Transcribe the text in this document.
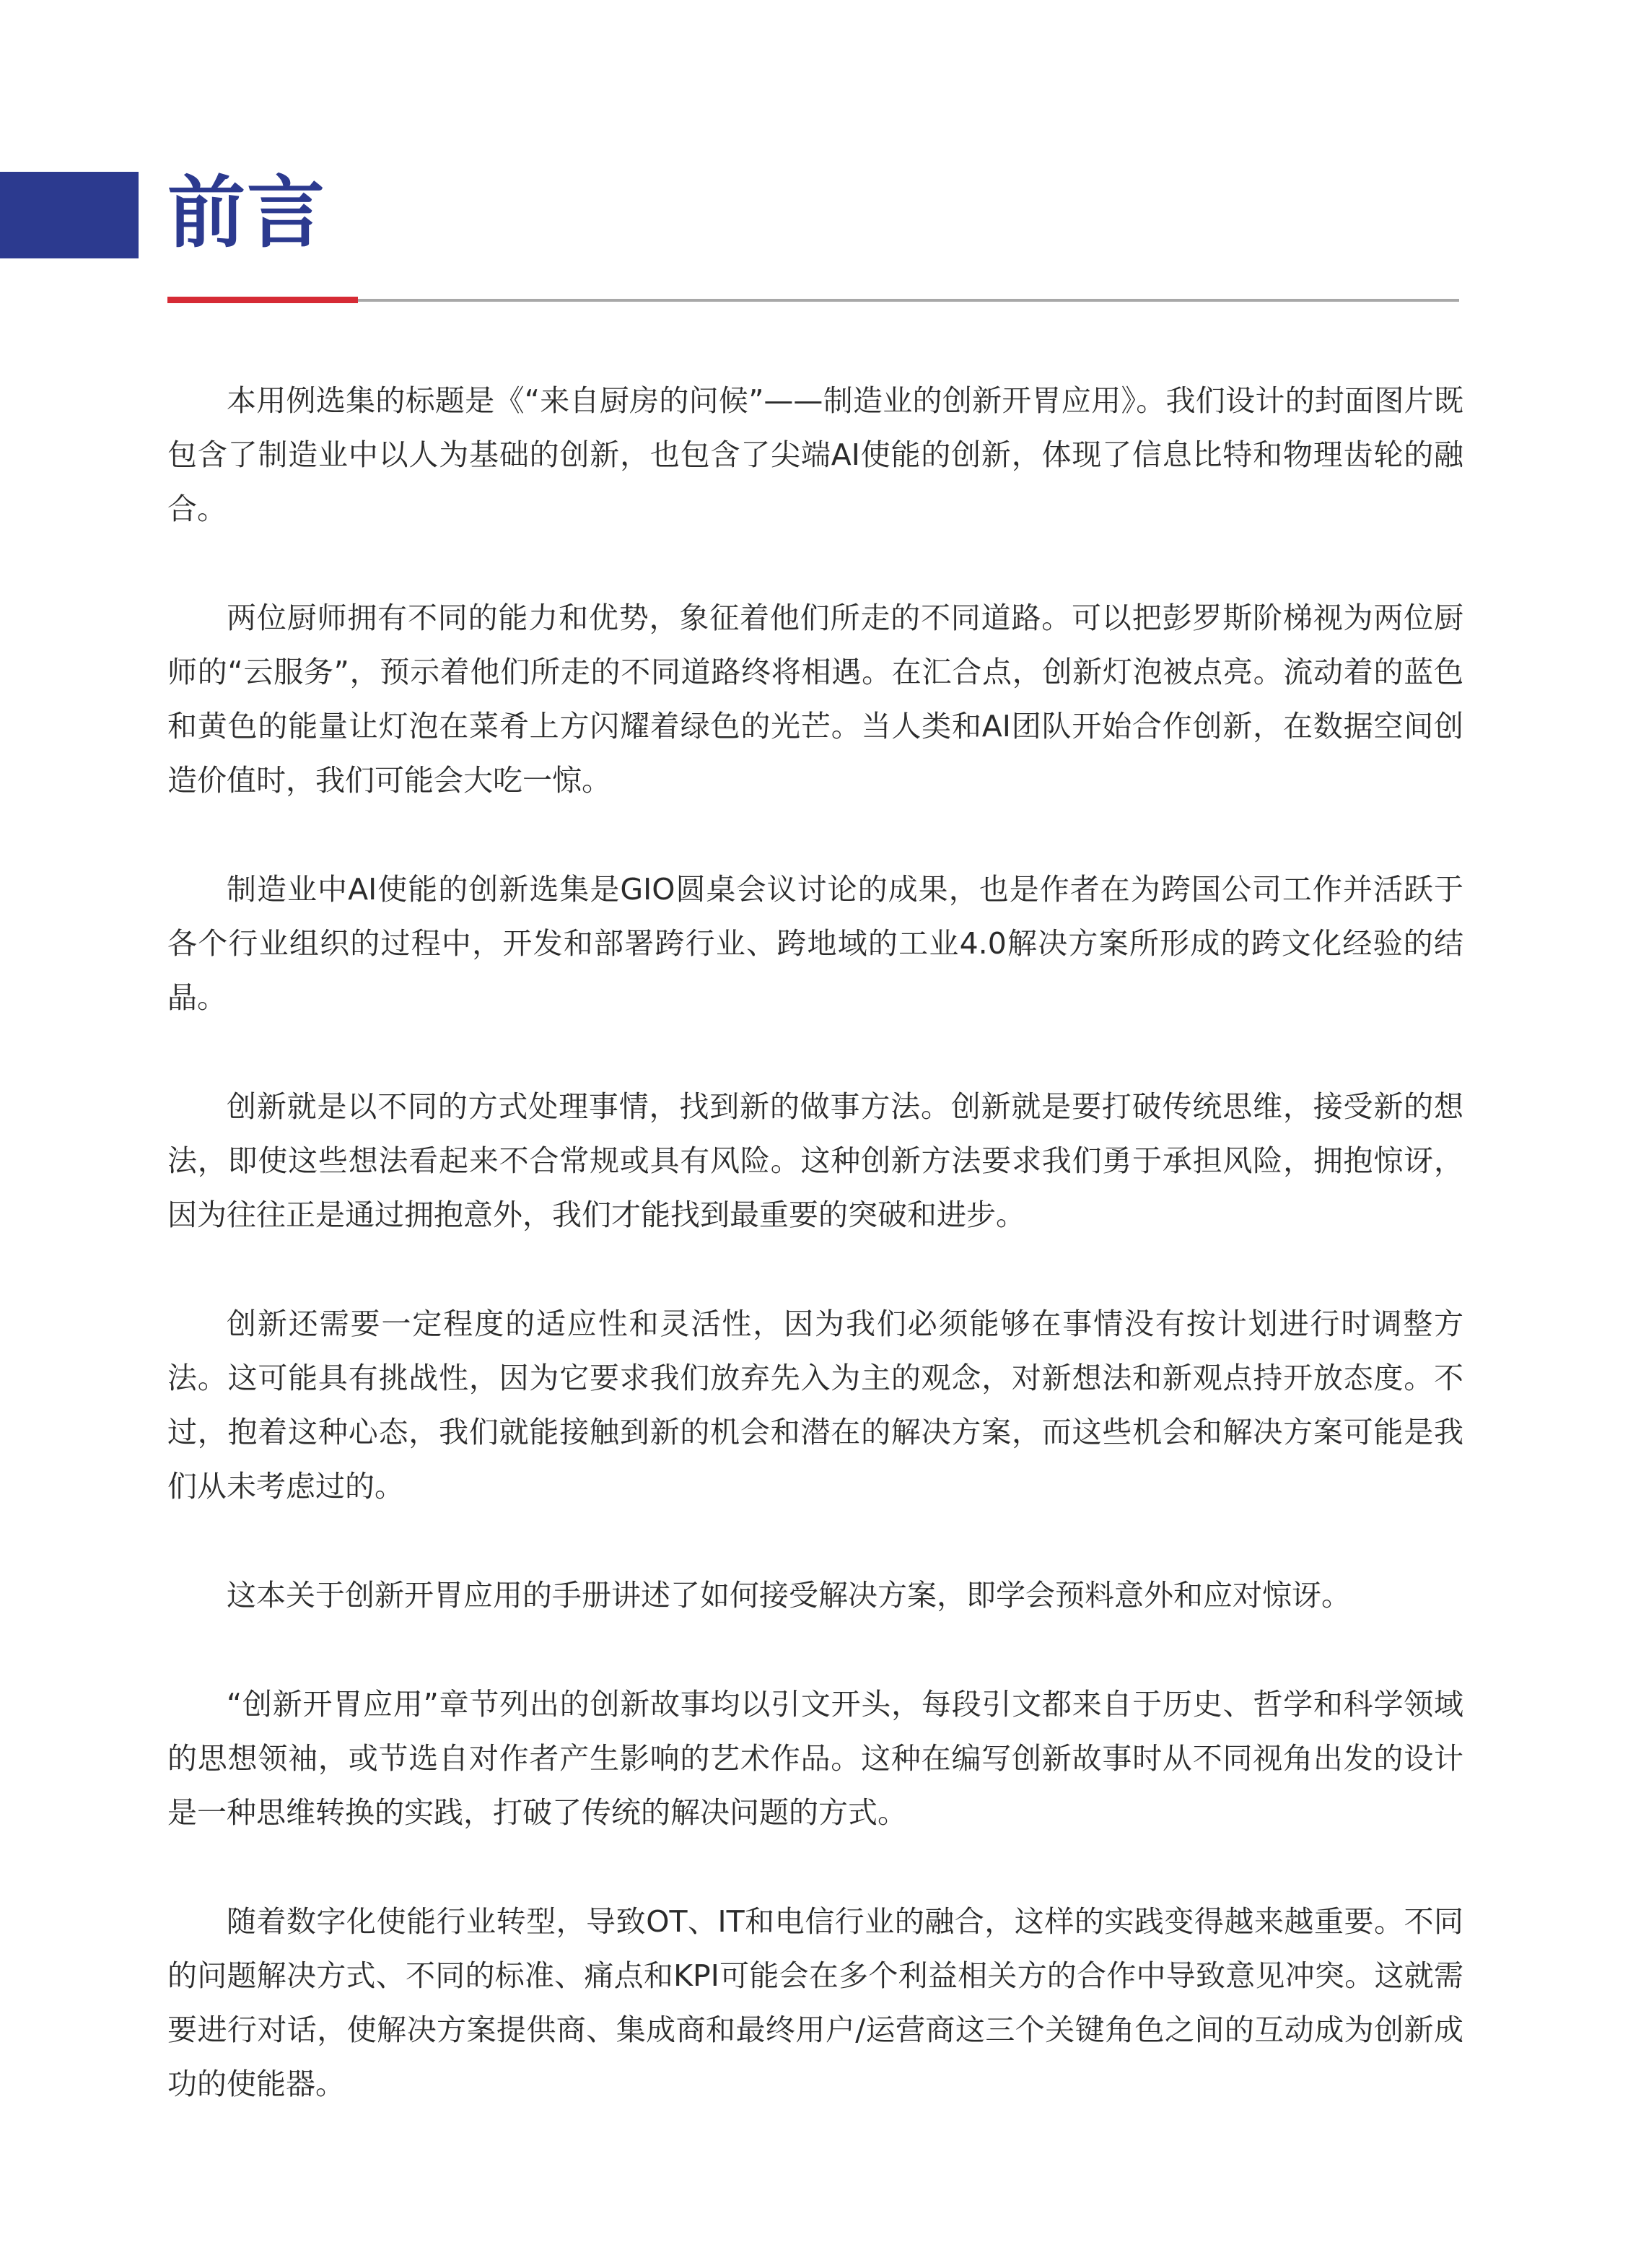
前言

本用例选集的标题是《“来自厨房的问候”——制造业的创新开胃应用》。我们设计的封面图片既包含了制造业中以人为基础的创新，也包含了尖端AI使能的创新，体现了信息比特和物理齿轮的融合。

两位厨师拥有不同的能力和优势，象征着他们所走的不同道路。可以把彭罗斯阶梯视为两位厨师的“云服务”，预示着他们所走的不同道路终将相遇。在汇合点，创新灯泡被点亮。流动着的蓝色和黄色的能量让灯泡在菜肴上方闪耀着绿色的光芒。当人类和AI团队开始合作创新，在数据空间创造价值时，我们可能会大吃一惊。

制造业中AI使能的创新选集是GIO圆桌会议讨论的成果，也是作者在为跨国公司工作并活跃于各个行业组织的过程中，开发和部署跨行业、跨地域的工业4.0解决方案所形成的跨文化经验的结晶。

创新就是以不同的方式处理事情，找到新的做事方法。创新就是要打破传统思维，接受新的想法，即使这些想法看起来不合常规或具有风险。这种创新方法要求我们勇于承担风险，拥抱惊讶，因为往往正是通过拥抱意外，我们才能找到最重要的突破和进步。

创新还需要一定程度的适应性和灵活性，因为我们必须能够在事情没有按计划进行时调整方法。这可能具有挑战性，因为它要求我们放弃先入为主的观念，对新想法和新观点持开放态度。不过，抱着这种心态，我们就能接触到新的机会和潜在的解决方案，而这些机会和解决方案可能是我们从未考虑过的。

这本关于创新开胃应用的手册讲述了如何接受解决方案，即学会预料意外和应对惊讶。

“创新开胃应用”章节列出的创新故事均以引文开头，每段引文都来自于历史、哲学和科学领域的思想领袖，或节选自对作者产生影响的艺术作品。这种在编写创新故事时从不同视角出发的设计是一种思维转换的实践，打破了传统的解决问题的方式。

随着数字化使能行业转型，导致OT、IT和电信行业的融合，这样的实践变得越来越重要。不同的问题解决方式、不同的标准、痛点和KPI可能会在多个利益相关方的合作中导致意见冲突。这就需要进行对话，使解决方案提供商、集成商和最终用户/运营商这三个关键角色之间的互动成为创新成功的使能器。
